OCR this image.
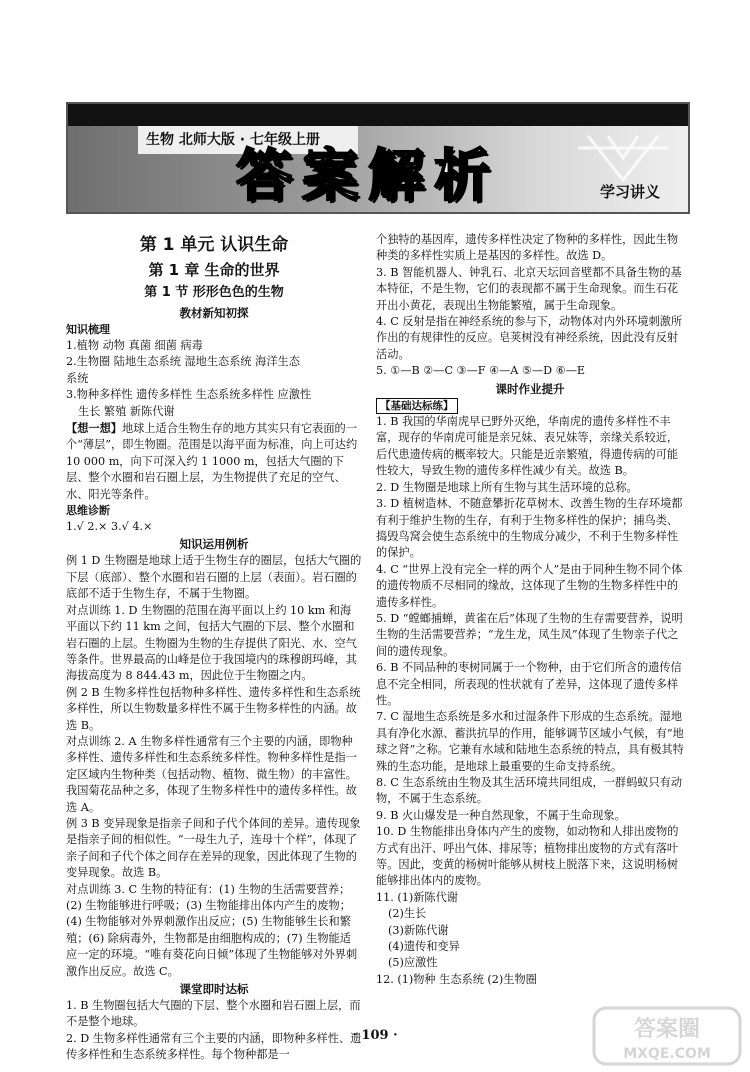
生物 北师大版 · 七年级上册
答案解析	学习讲义

第 1 单元 认识生命

第 1 章 生命的世界

第 1 节 形形色色的生物

教材新知初探

知识梳理

1.植物 动物 真菌 细菌 病毒

2.生物圈 陆地生态系统 湿地生态系统 海洋生态

系统

3.物种多样性 遗传多样性 生态系统多样性 应激性

生长 繁殖 新陈代谢

【想一想】地球上适合生物生存的地方其实只有它表面的一个“薄层”，即生物圈。范围是以海平面为标准，向上可达约 10 000 m，向下可深入约 1 1000 m，包括大气圈的下层、整个水圈和岩石圈上层，为生物提供了充足的空气、水、阳光等条件。

思维诊断

1.√ 2.× 3.√ 4.×

知识运用例析

例 1 D 生物圈是地球上适于生物生存的圈层，包括大气圈的下层（底部）、整个水圈和岩石圈的上层（表面）。岩石圈的底部不适于生物生存，不属于生物圈。

对点训练 1. D 生物圈的范围在海平面以上约 10 km 和海平面以下约 11 km 之间，包括大气圈的下层、整个水圈和岩石圈的上层。生物圈为生物的生存提供了阳光、水、空气等条件。世界最高的山峰是位于我国境内的珠穆朗玛峰，其海拔高度为 8 844.43 m，因此位于生物圈之内。

例 2 B 生物多样性包括物种多样性、遗传多样性和生态系统多样性，所以生物数量多样性不属于生物多样性的内涵。故选 B。

对点训练 2. A 生物多样性通常有三个主要的内涵，即物种多样性、遗传多样性和生态系统多样性。物种多样性是指一定区域内生物种类（包括动物、植物、微生物）的丰富性。我国菊花品种之多，体现了生物多样性中的遗传多样性。故选 A。

例 3 B 变异现象是指亲子间和子代个体间的差异。遗传现象是指亲子间的相似性。“一母生九子，连母十个样”，体现了亲子间和子代个体之间存在差异的现象，因此体现了生物的变异现象。故选 B。

对点训练 3. C 生物的特征有：(1) 生物的生活需要营养；(2) 生物能够进行呼吸；(3) 生物能排出体内产生的废物；(4) 生物能够对外界刺激作出反应；(5) 生物能够生长和繁殖；(6) 除病毒外，生物都是由细胞构成的；(7) 生物能适应一定的环境。“唯有葵花向日倾”体现了生物能够对外界刺激作出反应。故选 C。

课堂即时达标

1. B 生物圈包括大气圈的下层、整个水圈和岩石圈上层，而不是整个地球。

2. D 生物多样性通常有三个主要的内涵，即物种多样性、遗传多样性和生态系统多样性。每个物种都是一

个独特的基因库，遗传多样性决定了物种的多样性，因此生物种类的多样性实质上是基因的多样性。故选 D。

3. B 智能机器人、钟乳石、北京天坛回音壁都不具备生物的基本特征，不是生物，它们的表现都不属于生命现象。而生石花开出小黄花，表现出生物能繁殖，属于生命现象。

4. C 反射是指在神经系统的参与下，动物体对内外环境刺激所作出的有规律性的反应。皂荚树没有神经系统，因此没有反射活动。

5. ①—B ②—C ③—F ④—A ⑤—D ⑥—E

课时作业提升

【基础达标练】

1. B 我国的华南虎早已野外灭绝，华南虎的遗传多样性不丰富，现存的华南虎可能是亲兄妹、表兄妹等，亲缘关系较近，后代患遗传病的概率较大。只能是近亲繁殖，得遗传病的可能性较大，导致生物的遗传多样性减少有关。故选 B。

2. D 生物圈是地球上所有生物与其生活环境的总称。

3. D 植树造林、不随意攀折花草树木、改善生物的生存环境都有利于维护生物的生存，有利于生物多样性的保护；捕鸟类、捣毁鸟窝会使生态系统中的生物成分减少，不利于生物多样性的保护。

4. C “世界上没有完全一样的两个人”是由于同种生物不同个体的遗传物质不尽相同的缘故，这体现了生物的生物多样性中的遗传多样性。

5. D “螳螂捕蝉，黄雀在后”体现了生物的生存需要营养，说明生物的生活需要营养；“龙生龙，凤生凤”体现了生物亲子代之间的遗传现象。

6. B 不同品种的枣树同属于一个物种，由于它们所含的遗传信息不完全相同，所表现的性状就有了差异，这体现了遗传多样性。

7. C 湿地生态系统是多水和过湿条件下形成的生态系统。湿地具有净化水源、蓄洪抗旱的作用，能够调节区域小气候，有“地球之肾”之称。它兼有水域和陆地生态系统的特点，具有极其特殊的生态功能，是地球上最重要的生命支持系统。

8. C 生态系统由生物及其生活环境共同组成，一群蚂蚁只有动物，不属于生态系统。

9. B 火山爆发是一种自然现象，不属于生命现象。

10. D 生物能排出身体内产生的废物，如动物和人排出废物的方式有出汗、呼出气体、排尿等；植物排出废物的方式有落叶等。因此，变黄的杨树叶能够从树枝上脱落下来，这说明杨树能够排出体内的废物。

11. (1)新陈代谢

(2)生长

(3)新陈代谢

(4)遗传和变异

(5)应激性

12. (1)物种 生态系统 (2)生物圈

· 109 ·	答案圈
MXQE.COM
